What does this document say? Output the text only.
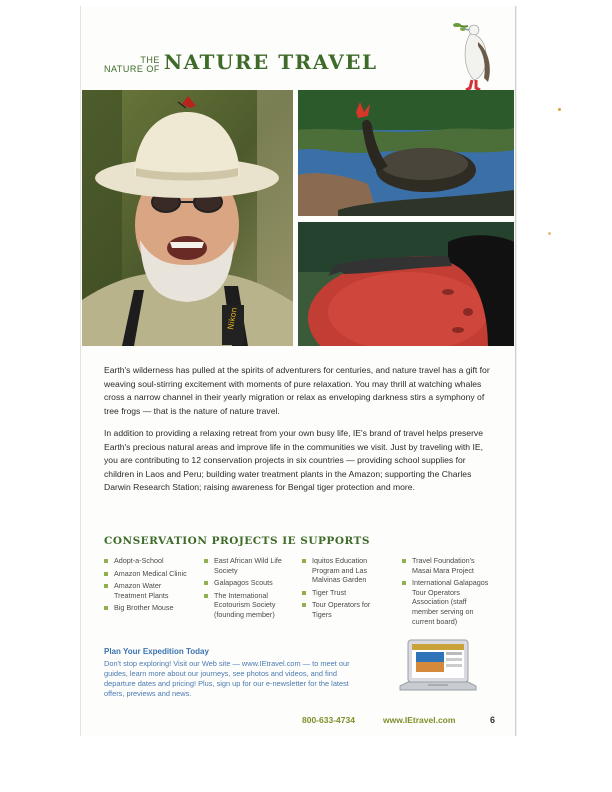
THE
NATURE OF NATURE TRAVEL
Nikon

Earth's wilderness has pulled at the spirits of adventurers for centuries, and nature travel has a gift for weaving soul-stirring excitement with moments of pure relaxation. You may thrill at watching whales cross a narrow channel in their yearly migration or relax as enveloping darkness stirs a symphony of tree frogs — that is the nature of nature travel.

In addition to providing a relaxing retreat from your own busy life, IE's brand of travel helps preserve Earth's precious natural areas and improve life in the communities we visit. Just by traveling with IE, you are contributing to 12 conservation projects in six countries — providing school supplies for children in Laos and Peru; building water treatment plants in the Amazon; supporting the Charles Darwin Research Station; raising awareness for Bengal tiger protection and more.

CONSERVATION PROJECTS IE SUPPORTS
Adopt-a-School
Amazon Medical Clinic
Amazon Water Treatment Plants
Big Brother Mouse
East African Wild Life Society
Galapagos Scouts
The International Ecotourism Society (founding member)
Iquitos Education Program and Las Malvinas Garden
Tiger Trust
Tour Operators for Tigers
Travel Foundation's Masai Mara Project
International Galapagos Tour Operators Association (staff member serving on current board)
Plan Your Expedition Today
Don't stop exploring! Visit our Web site — www.IEtravel.com — to meet our guides, learn more about our journeys, see photos and videos, and find departure dates and pricing! Plus, sign up for our e-newsletter for the latest offers, previews and news.
800-633-4734	www.IEtravel.com	6
